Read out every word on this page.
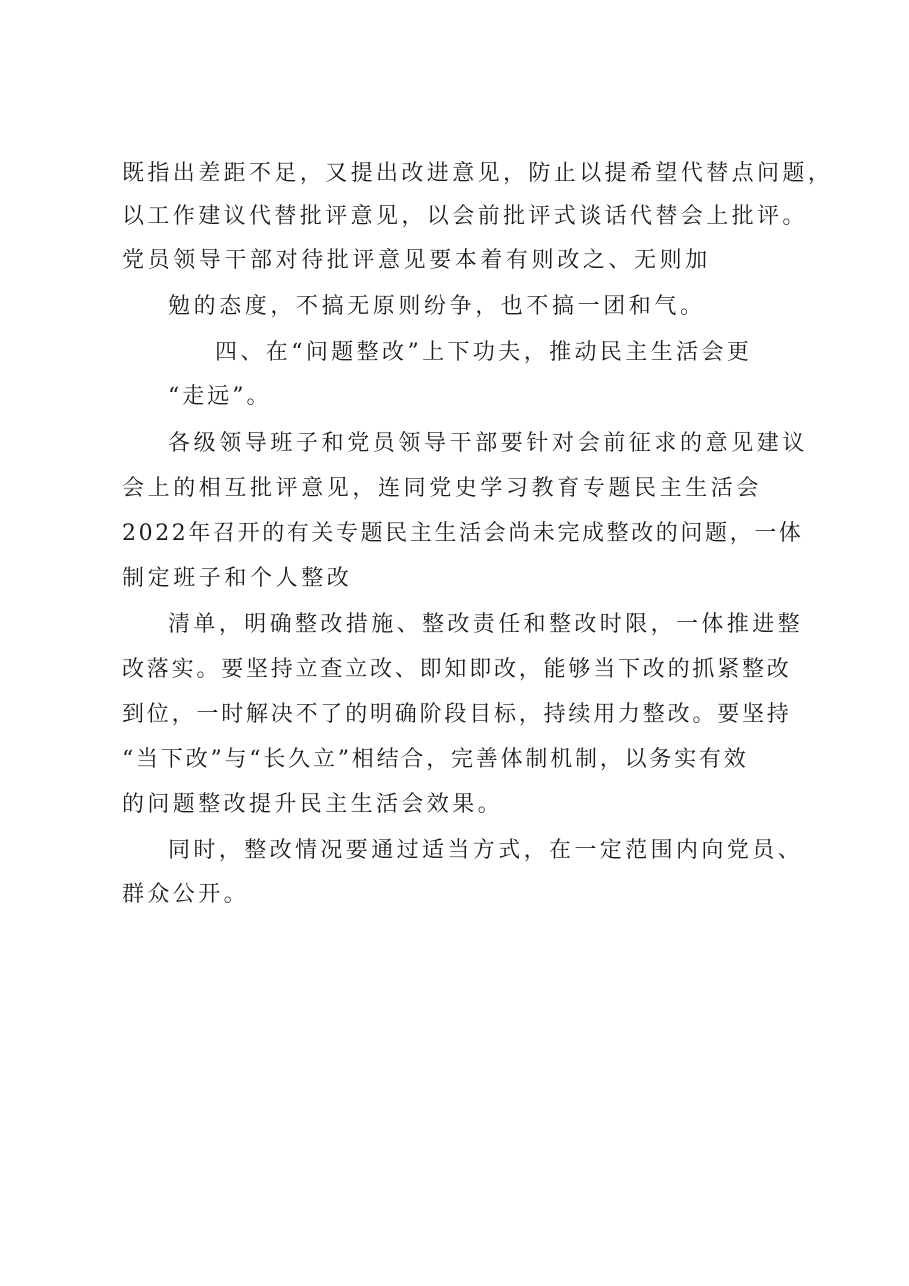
既指出差距不足，又提出改进意见，防止以提希望代替点问题，
以工作建议代替批评意见，以会前批评式谈话代替会上批评。
党员领导干部对待批评意见要本着有则改之、无则加
勉的态度，不搞无原则纷争，也不搞一团和气。
四、在“问题整改”上下功夫，推动民主生活会更
“走远”。
各级领导班子和党员领导干部要针对会前征求的意见建议
会上的相互批评意见，连同党史学习教育专题民主生活会
2022年召开的有关专题民主生活会尚未完成整改的问题，一体
制定班子和个人整改
清单，明确整改措施、整改责任和整改时限，一体推进整
改落实。要坚持立查立改、即知即改，能够当下改的抓紧整改
到位，一时解决不了的明确阶段目标，持续用力整改。要坚持
“当下改”与“长久立”相结合，完善体制机制，以务实有效
的问题整改提升民主生活会效果。
同时，整改情况要通过适当方式，在一定范围内向党员、
群众公开。
